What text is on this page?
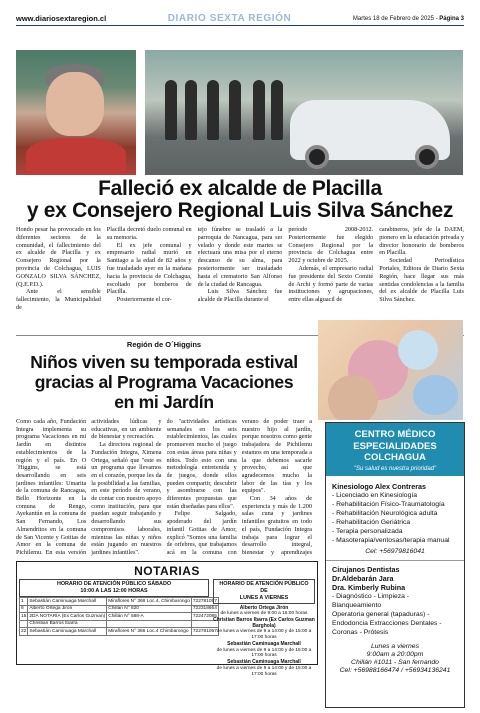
www.diariosextaregion.cl	DIARIO SEXTA REGIÓN	Martes 18 de Febrero de 2025 - Página 3
Falleció ex alcalde de Placilla
y ex Consejero Regional Luis Silva Sánchez

Hondo pesar ha provocado en los diferentes sectores de la comunidad, el fallecimiento del ex alcalde de Placilla y ex Consejero Regional por la provincia de Colchagua, LUIS GONZALO SILVA SÁNCHEZ, (Q.E.P.D.).

Ante el sensible fallecimiento, la Municipalidad de

Placilla decretó duelo comunal en su memoria.

El ex jefe comunal y empresario radial murió en Santiago a la edad de 82 años y fue trasladado ayer en la mañana hacia la provincia de Colchagua, escoltado por bomberos de Placilla.

Posteriormente el cor-

tejo fúnebre se trasladó a la parroquia de Nancagua, para ser velado y donde este martes se efectuará una misa por el eterno descanso de su alma, para posteriormente ser trasladado hasta el crematorio San Alfonso de la ciudad de Rancagua.

Luis Silva Sánchez fue alcalde de Placilla durante el

período 2008-2012. Posteriormente fue elegido Consejero Regional por la provincia de Colchagua entre 2022 y octubre de 2025.

Además, el empresario radial fue presidente del Sexto Comité de Archi y formó parte de varias instituciones y agrupaciones, entre ellas alguacil de

carabineros, jefe de la DAEM, pionero en la educación privada y director honorario de bomberos en Placilla.

Sociedad Periodística Portales, Editora de Diario Sexta Región, hace llegar sus más sentidas condolencias a la familia del ex alcalde de Placilla Luis Silva Sánchez.

Región de O´Higgins
Niños viven su temporada estival
gracias al Programa Vacaciones
en mi Jardín

Como cada año, Fundación Integra implementa su programa Vacaciones en mi Jardín en distintos establecimientos de la región y el país. En O´Higgins, se está desarrollando en seis jardines infantiles: Umarita de la comuna de Rancagua, Bello Horizonte en la comuna de Rengo, Ayekantún en la comuna de San Fernando, Los Almendritos en la comuna de San Vicente y Gotitas de Amor en la comuna de Pichilemu. En esta versión

actividades lúdicas y educativas, en un ambiente de bienestar y recreación.

La directora regional de Fundación Integra, Ximena Ortega, señaló que "este es un programa que llevamos en el corazón, porque les da la posibilidad a las familias, en este período de verano, de contar con nuestro apoyo como institución, para que puedan seguir trabajando y desarrollando sus compromisos laborales, mientras las niñas y niños están jugando en nuestros jardines infantiles".

do "actividades artísticas semanales en los seis establecimientos, las cuales promueven mucho el juego con estas áreas para niñas y niños. Todo esto con una metodología entretenida y de juegos, donde ellos pueden compartir, descubrir y asombrarse con las diferentes propuestas que están diseñadas para ellos".

Felipe Salgado, apoderado del jardín infantil Gotitas de Amor, explicó "Somos una familia de orfebres, que trabajamos acá en la comuna con

verano de poder traer a nuestro hijo al jardín, porque nosotros como gente trabajadora de Pichilemu estamos en una temporada a la que debemos sacarle provecho, así que agradecemos mucho la labor de las tías y los equipos".

Con 34 años de experiencia y más de 1.200 salas cuna y jardines infantiles gratuitos en todo el país, Fundación Integra trabaja para lograr el desarrollo integral, bienestar y aprendizajes

CENTRO MÉDICO
ESPECIALIDADES COLCHAGUA
"Su salud es nuestra prioridad"
Kinesiologo Alex Contreras
- Licenciado en Kinesiología
- Rehabilitación Físico-Traumatología
- Rehabilitación Neurológica adulta
- Rehabilitación Geriátrica
- Terapia personalizada
- Masoterapia/ventosas/terapia manual
Cel: +56979816041
Cirujanos Dentistas
Dr.Aldebarán Jara
Dra. Kimberly Rubina
- Diagnóstico - Limpieza -
Blanqueamiento
Operatoria general (tapaduras) -
Endodoncia Extracciones Dentales -
Coronas - Prótesis
Lunes a viernes
9:00am a 20:00pm
Chillán #1011 - San fernando
Cel: +56988166474 / +56934136241
NOTARIAS
HORARIO DE ATENCIÓN PÚBLICO SÁBADO
10:00 A LAS 12:00 HORAS
1	Sebastián Caminuaga Marchall	Miraflores N° 366 Loc.4, Chimbarongo	722781057
8	Alberto Ortega Jirón	Chillán N° 820	722318664
15	2DA NOTARÍA (Ex Carlos Guzman)	Chillán N° 588-A	722472085
	Christian Barros Ibarra		
22	Sebastián Caminuaga Marchall	Miraflores N° 366 Loc.4 Chimbarongo	722781057
HORARIO DE ATENCIÓN PÚBLICO DE
LUNES A VIERNES
Alberto Ortega Jirón
de lunes a viernes de 9:00 a 15:00 horas
Christian Barros Ibarra (Ex Carlos Guzman Barghola)
de lunes a viernes de 9 a 14:00 y de 15:00 a 17:00 horas
Sebastián Caminuaga Marchall
de lunes a viernes de 9 a 14:00 y de 15:00 a 17:00 horas
Sebastián Caminuaga Marchall
de lunes a viernes de 9 a 14:00 y de 15:00 a 17:00 horas
